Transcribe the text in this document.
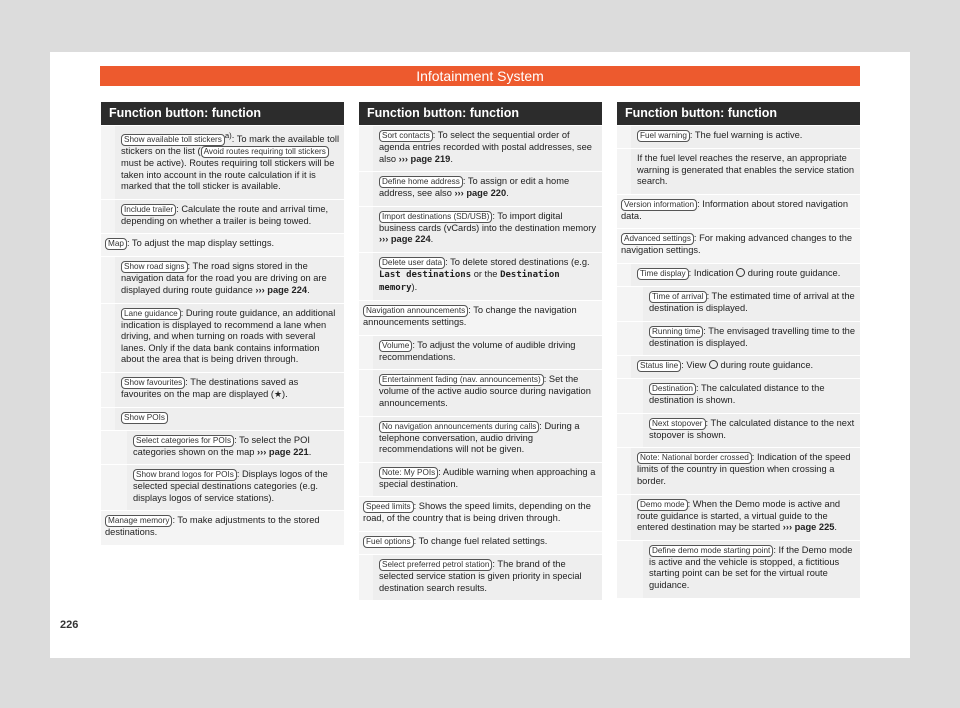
Infotainment System
Function button: function
Show available toll stickers $^{a)}$: To mark the available toll stickers on the list ( Avoid routes requiring toll stickers must be active). Routes requiring toll stickers will be taken into account in the route calculation if it is marked that the toll sticker is available.
Include trailer : Calculate the route and arrival time, depending on whether a trailer is being towed.
Map : To adjust the map display settings.
Show road signs : The road signs stored in the navigation data for the road you are driving on are displayed during route guidance ››› page 224.
Lane guidance : During route guidance, an additional indication is displayed to recommend a lane when driving, and when turning on roads with several lanes. Only if the data bank contains information about the area that is being driven through.
Show favourites : The destinations saved as favourites on the map are displayed (★).
Show POIs
Select categories for POIs : To select the POI categories shown on the map ››› page 221.
Show brand logos for POIs : Displays logos of the selected special destinations categories (e.g. displays logos of service stations).
Manage memory : To make adjustments to the stored destinations.
Function button: function
Sort contacts : To select the sequential order of agenda entries recorded with postal addresses, see also ››› page 219.
Define home address : To assign or edit a home address, see also ››› page 220.
Import destinations (SD/USB) : To import digital business cards (vCards) into the destination memory ››› page 224.
Delete user data : To delete stored destinations (e.g. Last destinations or the Destination memory).
Navigation announcements : To change the navigation announcements settings.
Volume : To adjust the volume of audible driving recommendations.
Entertainment fading (nav. announcements) : Set the volume of the active audio source during navigation announcements.
No navigation announcements during calls : During a telephone conversation, audio driving recommendations will not be given.
Note: My POIs : Audible warning when approaching a special destination.
Speed limits : Shows the speed limits, depending on the road, of the country that is being driven through.
Fuel options : To change fuel related settings.
Select preferred petrol station : The brand of the selected service station is given priority in special destination search results.
Function button: function
Fuel warning : The fuel warning is active.
If the fuel level reaches the reserve, an appropriate warning is generated that enables the service station search.
Version information : Information about stored navigation data.
Advanced settings : For making advanced changes to the navigation settings.
Time display : Indication  during route guidance.
Time of arrival : The estimated time of arrival at the destination is displayed.
Running time : The envisaged travelling time to the destination is displayed.
Status line : View  during route guidance.
Destination : The calculated distance to the destination is shown.
Next stopover : The calculated distance to the next stopover is shown.
Note: National border crossed : Indication of the speed limits of the country in question when crossing a border.
Demo mode : When the Demo mode is active and route guidance is started, a virtual guide to the entered destination may be started ››› page 225.
Define demo mode starting point : If the Demo mode is active and the vehicle is stopped, a fictitious starting point can be set for the virtual route guidance.
226
